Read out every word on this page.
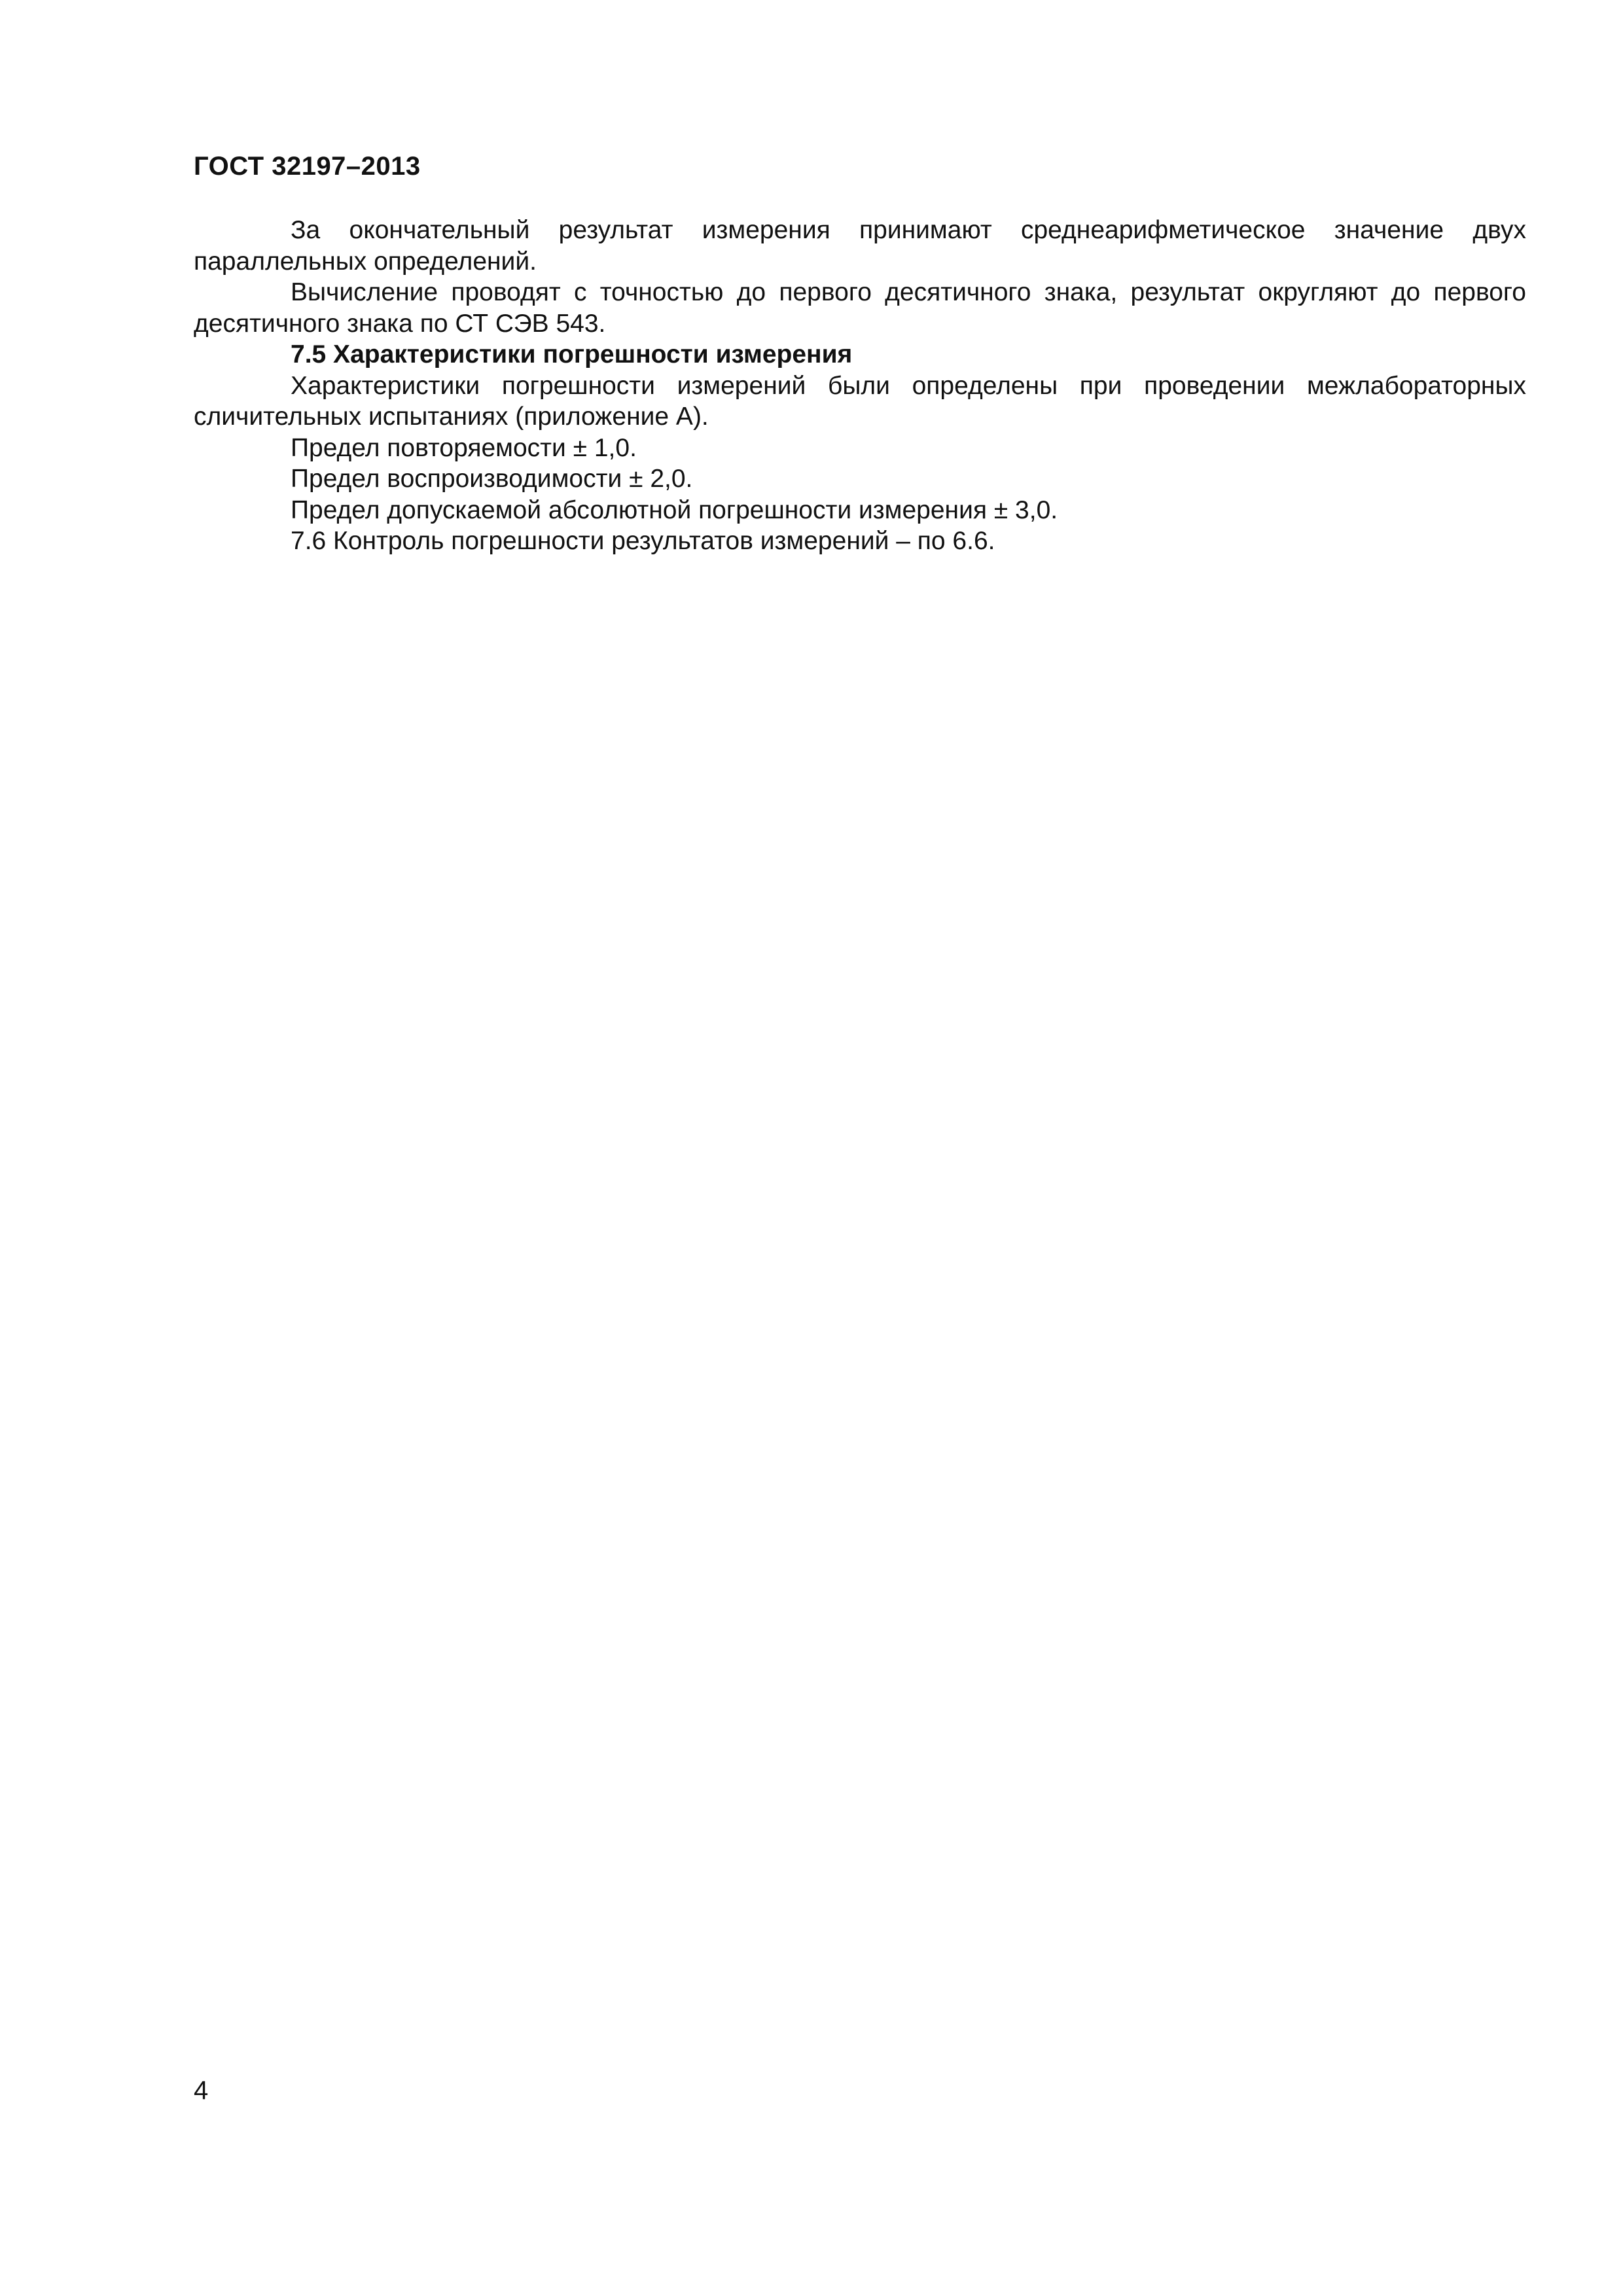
ГОСТ 32197–2013

За окончательный результат измерения принимают среднеарифметическое значение двух параллельных определений.

Вычисление проводят с точностью до первого десятичного знака, результат округляют до первого десятичного знака по СТ СЭВ 543.

7.5 Характеристики погрешности измерения

Характеристики погрешности измерений были определены при проведении межлабораторных сличительных испытаниях (приложение А).

Предел повторяемости ± 1,0.

Предел воспроизводимости ± 2,0.

Предел допускаемой абсолютной погрешности измерения ± 3,0.

7.6 Контроль погрешности результатов измерений – по 6.6.

4
